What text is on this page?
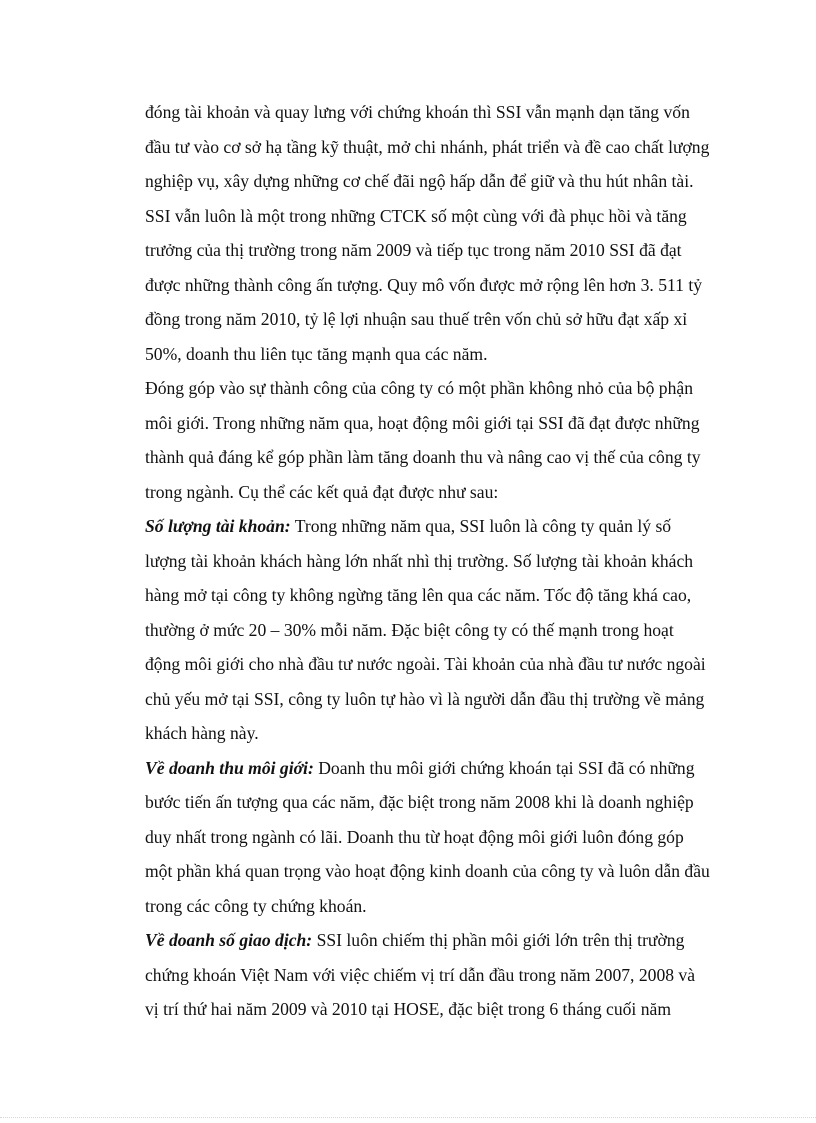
đóng tài khoản và quay lưng với chứng khoán thì SSI vẫn mạnh dạn tăng vốn
đầu tư vào cơ sở hạ tầng kỹ thuật, mở chi nhánh, phát triển và đề cao chất lượng
nghiệp vụ, xây dựng những cơ chế đãi ngộ hấp dẫn để giữ và thu hút nhân tài.
SSI vẫn luôn là một trong những CTCK số một cùng với đà phục hồi và tăng
trưởng của thị trường trong năm 2009 và tiếp tục trong năm 2010 SSI đã đạt
được những thành công ấn tượng. Quy mô vốn được mở rộng lên hơn 3. 511 tỷ
đồng trong năm 2010, tỷ lệ lợi nhuận sau thuế trên vốn chủ sở hữu đạt xấp xỉ
50%, doanh thu liên tục tăng mạnh qua các năm.
Đóng góp vào sự thành công của công ty có một phần không nhỏ của bộ phận
môi giới. Trong những năm qua, hoạt động môi giới tại SSI đã đạt được những
thành quả đáng kể góp phần làm tăng doanh thu và nâng cao vị thế của công ty
trong ngành. Cụ thể các kết quả đạt được như sau:
Số lượng tài khoản: Trong những năm qua, SSI luôn là công ty quản lý số
lượng tài khoản khách hàng lớn nhất nhì thị trường. Số lượng tài khoản khách
hàng mở tại công ty không ngừng tăng lên qua các năm. Tốc độ tăng khá cao,
thường ở mức 20 – 30% mỗi năm. Đặc biệt công ty có thế mạnh trong hoạt
động môi giới cho nhà đầu tư nước ngoài. Tài khoản của nhà đầu tư nước ngoài
chủ yếu mở tại SSI, công ty luôn tự hào vì là người dẫn đầu thị trường về mảng
khách hàng này.
Về doanh thu môi giới: Doanh thu môi giới chứng khoán tại SSI đã có những
bước tiến ấn tượng qua các năm, đặc biệt trong năm 2008 khi là doanh nghiệp
duy nhất trong ngành có lãi. Doanh thu từ hoạt động môi giới luôn đóng góp
một phần khá quan trọng vào hoạt động kinh doanh của công ty và luôn dẫn đầu
trong các công ty chứng khoán.
Về doanh số giao dịch: SSI luôn chiếm thị phần môi giới lớn trên thị trường
chứng khoán Việt Nam với việc chiếm vị trí dẫn đầu trong năm 2007, 2008 và
vị trí thứ hai năm 2009 và 2010 tại HOSE, đặc biệt trong 6 tháng cuối năm
